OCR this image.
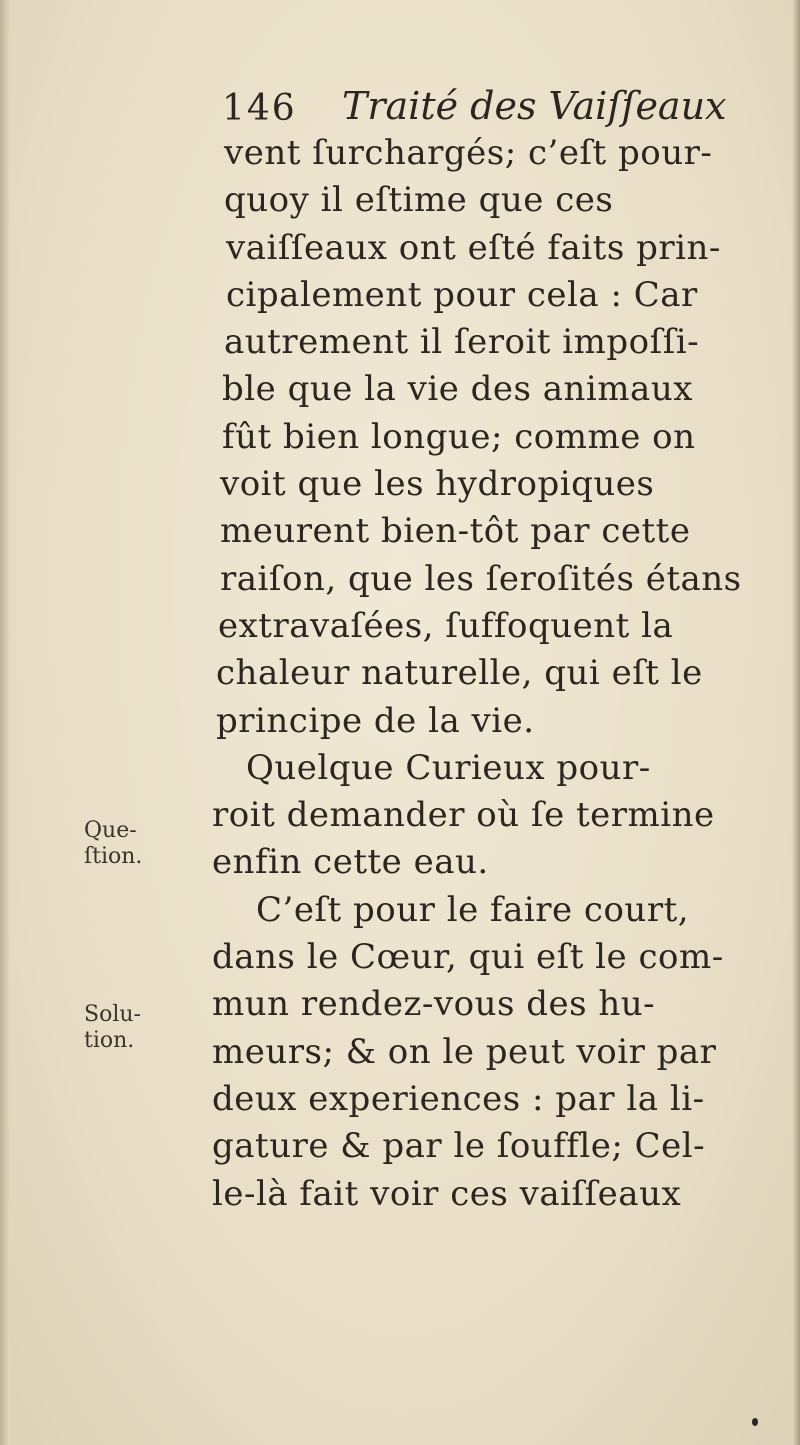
146 Traité des Vaiſſeaux
vent ſurchargés; c’eſt pour-
quoy il eſtime que ces
vaiſſeaux ont eſté faits prin-
cipalement pour cela : Car
autrement il ſeroit impoſſi-
ble que la vie des animaux
fût bien longue; comme on
voit que les hydropiques
meurent bien-tôt par cette
raiſon, que les ſeroſités étans
extravaſées, ſuffoquent la
chaleur naturelle, qui eſt le
principe de la vie.
Quelque Curieux pour-
roit demander où ſe termine
enfin cette eau.
C’eſt pour le faire court,
dans le Cœur, qui eſt le com-
mun rendez-vous des hu-
meurs; & on le peut voir par
deux experiences : par la li-
gature & par le ſouffle; Cel-
le-là fait voir ces vaiſſeaux
Que-
ſtion.
Solu-
tion.
